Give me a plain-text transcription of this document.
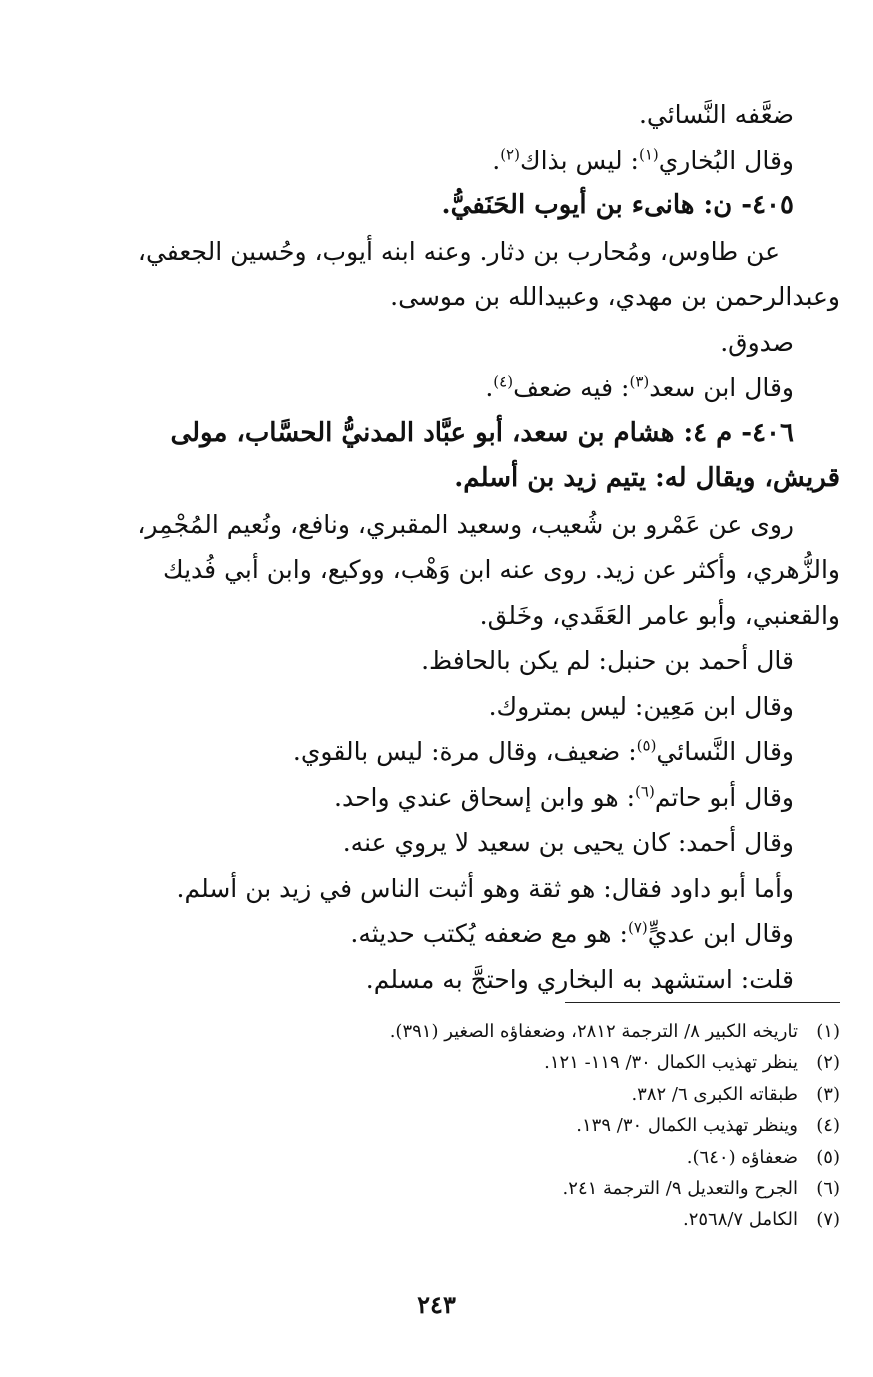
ضعَّفه النَّسائي.

وقال البُخاري$^{(١)}$: ليس بذاك$^{(٢)}$.

٤٠٥- ن: هانىء بن أيوب الحَنَفيُّ.

عن طاوس، ومُحارب بن دثار. وعنه ابنه أيوب، وحُسين الجعفي،

وعبدالرحمن بن مهدي، وعبيدالله بن موسى.

صدوق.

وقال ابن سعد$^{(٣)}$: فيه ضعف$^{(٤)}$.

٤٠٦- م ٤: هشام بن سعد، أبو عبَّاد المدنيُّ الحسَّاب، مولى

قريش، ويقال له: يتيم زيد بن أسلم.

روى عن عَمْرو بن شُعيب، وسعيد المقبري، ونافع، ونُعيم المُجْمِر،

والزُّهري، وأكثر عن زيد. روى عنه ابن وَهْب، ووكيع، وابن أبي فُديك

والقعنبي، وأبو عامر العَقَدي، وخَلق.

قال أحمد بن حنبل: لم يكن بالحافظ.

وقال ابن مَعِين: ليس بمتروك.

وقال النَّسائي$^{(٥)}$: ضعيف، وقال مرة: ليس بالقوي.

وقال أبو حاتم$^{(٦)}$: هو وابن إسحاق عندي واحد.

وقال أحمد: كان يحيى بن سعيد لا يروي عنه.

وأما أبو داود فقال: هو ثقة وهو أثبت الناس في زيد بن أسلم.

وقال ابن عديٍّ$^{(٧)}$: هو مع ضعفه يُكتب حديثه.

قلت: استشهد به البخاري واحتجَّ به مسلم.

(١)
تاريخه الكبير ٨/ الترجمة ٢٨١٢، وضعفاؤه الصغير (٣٩١).
(٢)
ينظر تهذيب الكمال ٣٠/ ١١٩- ١٢١.
(٣)
طبقاته الكبرى ٦/ ٣٨٢.
(٤)
وينظر تهذيب الكمال ٣٠/ ١٣٩.
(٥)
ضعفاؤه (٦٤٠).
(٦)
الجرح والتعديل ٩/ الترجمة ٢٤١.
(٧)
الكامل ٢٥٦٨/٧.
٢٤٣
